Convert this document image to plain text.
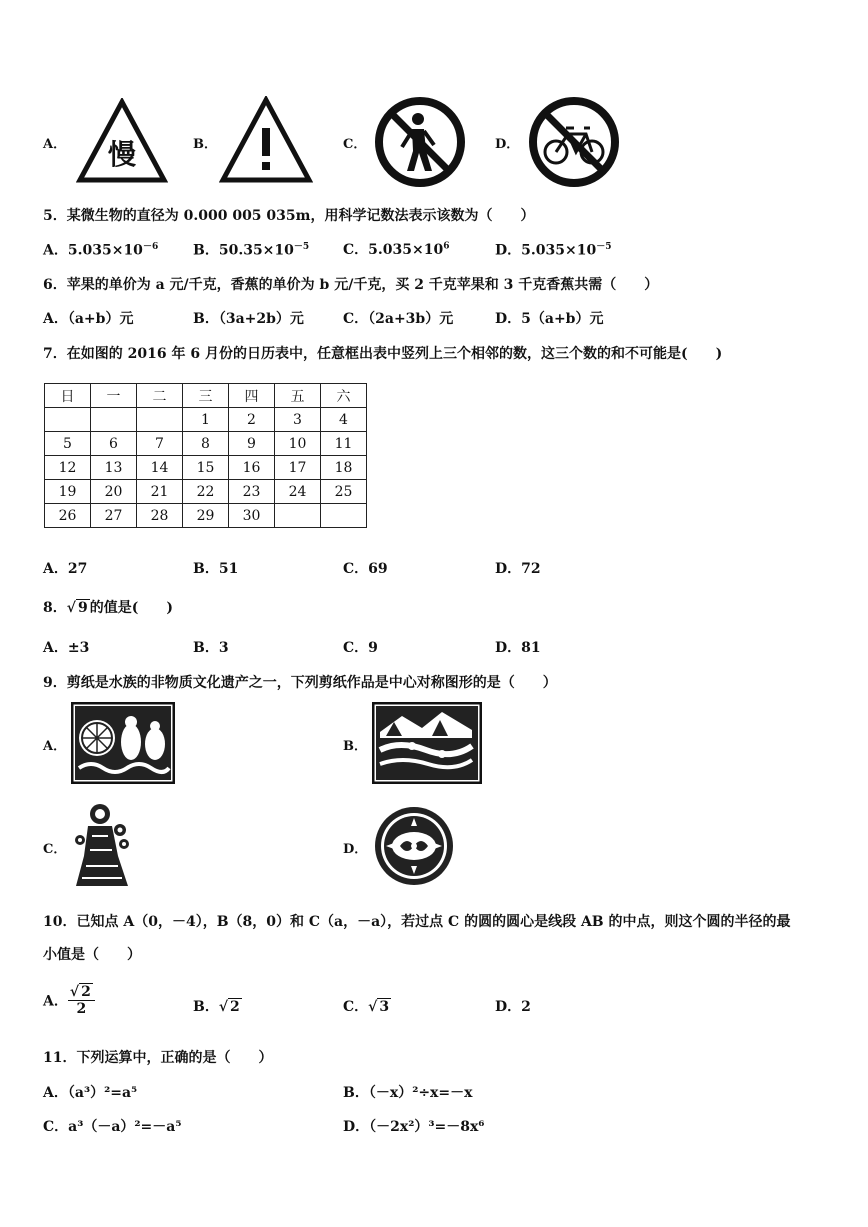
A． 慢	B．	C．	D．
5．某微生物的直径为 0.000 005 035m，用科学记数法表示该数为（　　）
A．$5.035\times 10^{-6}$ B．$50.35\times 10^{-5}$ C．$5.035\times 10^6$	D．$5.035\times 10^{-5}$
6．苹果的单价为 a 元/千克，香蕉的单价为 b 元/千克，买 2 千克苹果和 3 千克香蕉共需（　　）
A．（a+b）元	B．（3a+2b）元	C．（2a+3b）元	D．5（a+b）元
7．在如图的 2016 年 6 月份的日历表中，任意框出表中竖列上三个相邻的数，这三个数的和不可能是(　　)
日	一	二	三	四	五	六
			1	2	3	4
5	6	7	8	9	10	11
12	13	14	15	16	17	18
19	20	21	22	23	24	25
26	27	28	29	30		
A．27	B．51	C．69	D．72
8．√ 9 的值是(　　)
A．±3	B．3	C．9	D．81
9．剪纸是水族的非物质文化遗产之一，下列剪纸作品是中心对称图形的是（　　）
A．	B．
C．	D．
10．已知点 A（0，－4），B（8，0）和 C（a，－a），若过点 C 的圆的圆心是线段 AB 的中点，则这个圆的半径的最
小值是（　　）
A． $\frac{√ 2}{2}$	B．√ 2	C．√ 3	D．2
11．下列运算中，正确的是（　　）
A．（a³）²=a⁵	B．（－x）²÷x=－x
C．a³（－a）²=－a⁵	D．（－2x²）³=－8x⁶
